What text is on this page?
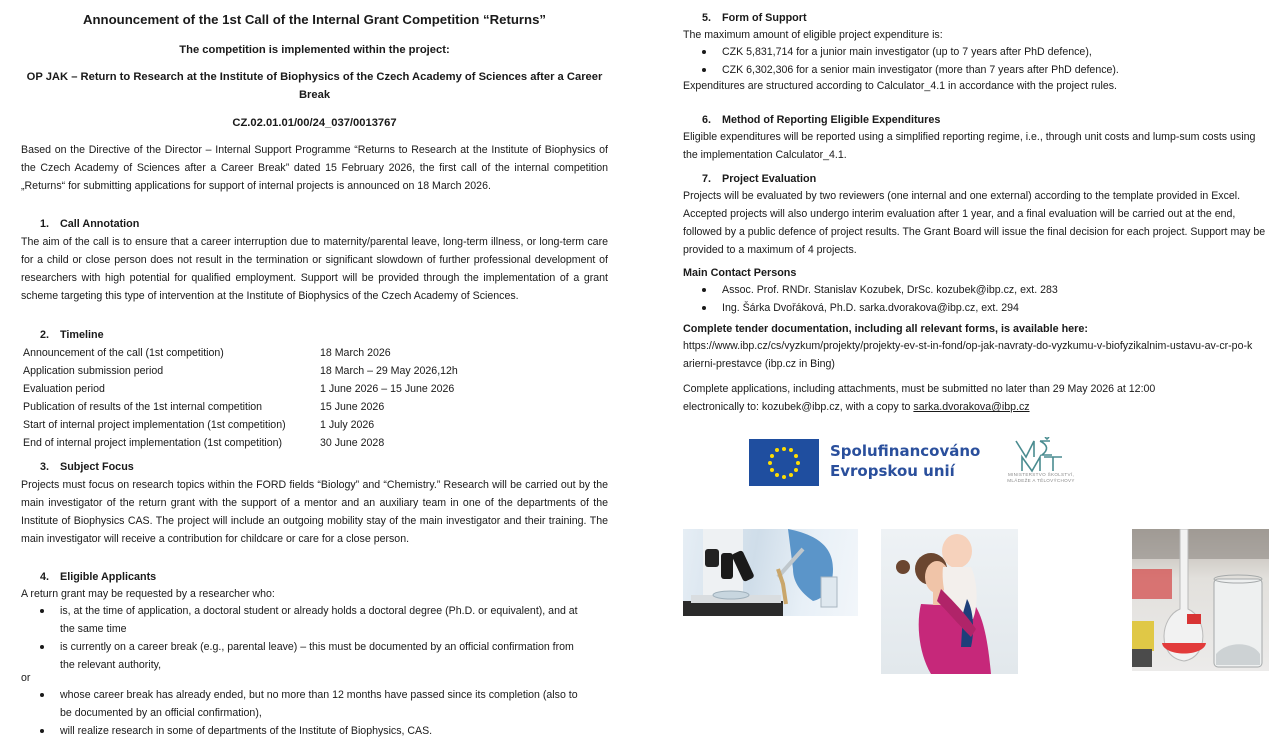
Announcement of the 1st Call of the Internal Grant Competition “Returns”
The competition is implemented within the project:
OP JAK – Return to Research at the Institute of Biophysics of the Czech Academy of Sciences after a Career Break
CZ.02.01.01/00/24_037/0013767
Based on the Directive of the Director – Internal Support Programme “Returns to Research at the Institute of Biophysics of the Czech Academy of Sciences after a Career Break” dated 15 February 2026, the first call of the internal competition „Returns“ for submitting applications for support of internal projects is announced on 18 March 2026.
1. Call Annotation
The aim of the call is to ensure that a career interruption due to maternity/parental leave, long-term illness, or long-term care for a child or close person does not result in the termination or significant slowdown of further professional development of researchers with high potential for qualified employment. Support will be provided through the implementation of a grant scheme targeting this type of intervention at the Institute of Biophysics of the Czech Academy of Sciences.
2. Timeline
Announcement of the call (1st competition)	18 March 2026
Application submission period	18 March – 29 May 2026,12h
Evaluation period	1 June 2026 – 15 June 2026
Publication of results of the 1st internal competition	15 June 2026
Start of internal project implementation (1st competition)	1 July 2026
End of internal project implementation (1st competition)	30 June 2028
3. Subject Focus
Projects must focus on research topics within the FORD fields “Biology” and “Chemistry.” Research will be carried out by the main investigator of the return grant with the support of a mentor and an auxiliary team in one of the departments of the Institute of Biophysics CAS. The project will include an outgoing mobility stay of the main investigator and their training. The main investigator will receive a contribution for childcare or care for a close person.
4. Eligible Applicants
A return grant may be requested by a researcher who:
is, at the time of application, a doctoral student or already holds a doctoral degree (Ph.D. or equivalent), and at the same time
is currently on a career break (e.g., parental leave) – this must be documented by an official confirmation from the relevant authority,
or
whose career break has already ended, but no more than 12 months have passed since its completion (also to be documented by an official confirmation),
will realize research in some of departments of the Institute of Biophysics, CAS.
5. Form of Support
The maximum amount of eligible project expenditure is:
CZK 5,831,714 for a junior main investigator (up to 7 years after PhD defence),
CZK 6,302,306 for a senior main investigator (more than 7 years after PhD defence).
Expenditures are structured according to Calculator_4.1 in accordance with the project rules.
6. Method of Reporting Eligible Expenditures
Eligible expenditures will be reported using a simplified reporting regime, i.e., through unit costs and lump-sum costs using the implementation Calculator_4.1.
7. Project Evaluation
Projects will be evaluated by two reviewers (one internal and one external) according to the template provided in Excel. Accepted projects will also undergo interim evaluation after 1 year, and a final evaluation will be carried out at the end, followed by a public defence of project results. The Grant Board will issue the final decision for each project. Support may be provided to a maximum of 4 projects.
Main Contact Persons
Assoc. Prof. RNDr. Stanislav Kozubek, DrSc. kozubek@ibp.cz, ext. 283
Ing. Šárka Dvořáková, Ph.D. sarka.dvorakova@ibp.cz, ext. 294
Complete tender documentation, including all relevant forms, is available here:
https://www.ibp.cz/cs/vyzkum/projekty/projekty-ev-st-in-fond/op-jak-navraty-do-vyzkumu-v-biofyzikalnim-ustavu-av-cr-po-karierni-prestavce (ibp.cz in Bing)
Complete applications, including attachments, must be submitted no later than 29 May 2026 at 12:00 electronically to: kozubek@ibp.cz, with a copy to sarka.dvorakova@ibp.cz
Spolufinancováno
Evropskou unií	MINISTERSTVO ŠKOLSTVÍ,
MLÁDEŽE A TĚLOVÝCHOVY
